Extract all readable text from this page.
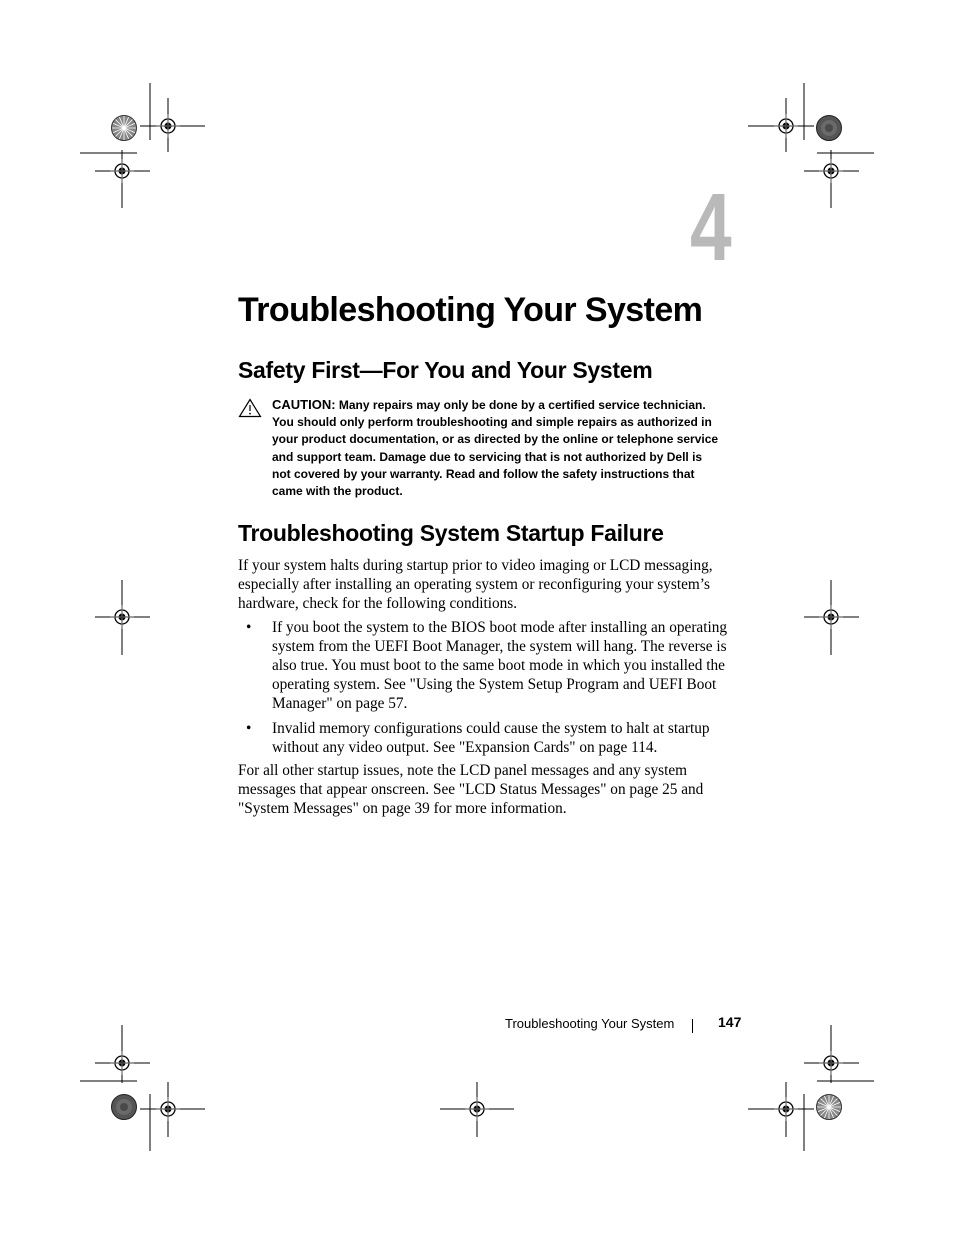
4
Troubleshooting Your System
Safety First—For You and Your System
CAUTION: Many repairs may only be done by a certified service technician. You should only perform troubleshooting and simple repairs as authorized in your product documentation, or as directed by the online or telephone service and support team. Damage due to servicing that is not authorized by Dell is not covered by your warranty. Read and follow the safety instructions that came with the product.
Troubleshooting System Startup Failure

If your system halts during startup prior to video imaging or LCD messaging, especially after installing an operating system or reconfiguring your system’s hardware, check for the following conditions.

• If you boot the system to the BIOS boot mode after installing an operating system from the UEFI Boot Manager, the system will hang. The reverse is also true. You must boot to the same boot mode in which you installed the operating system. See "Using the System Setup Program and UEFI Boot Manager" on page 57.
• Invalid memory configurations could cause the system to halt at startup without any video output. See "Expansion Cards" on page 114.

For all other startup issues, note the LCD panel messages and any system messages that appear onscreen. See "LCD Status Messages" on page 25 and "System Messages" on page 39 for more information.

Troubleshooting Your System	147
